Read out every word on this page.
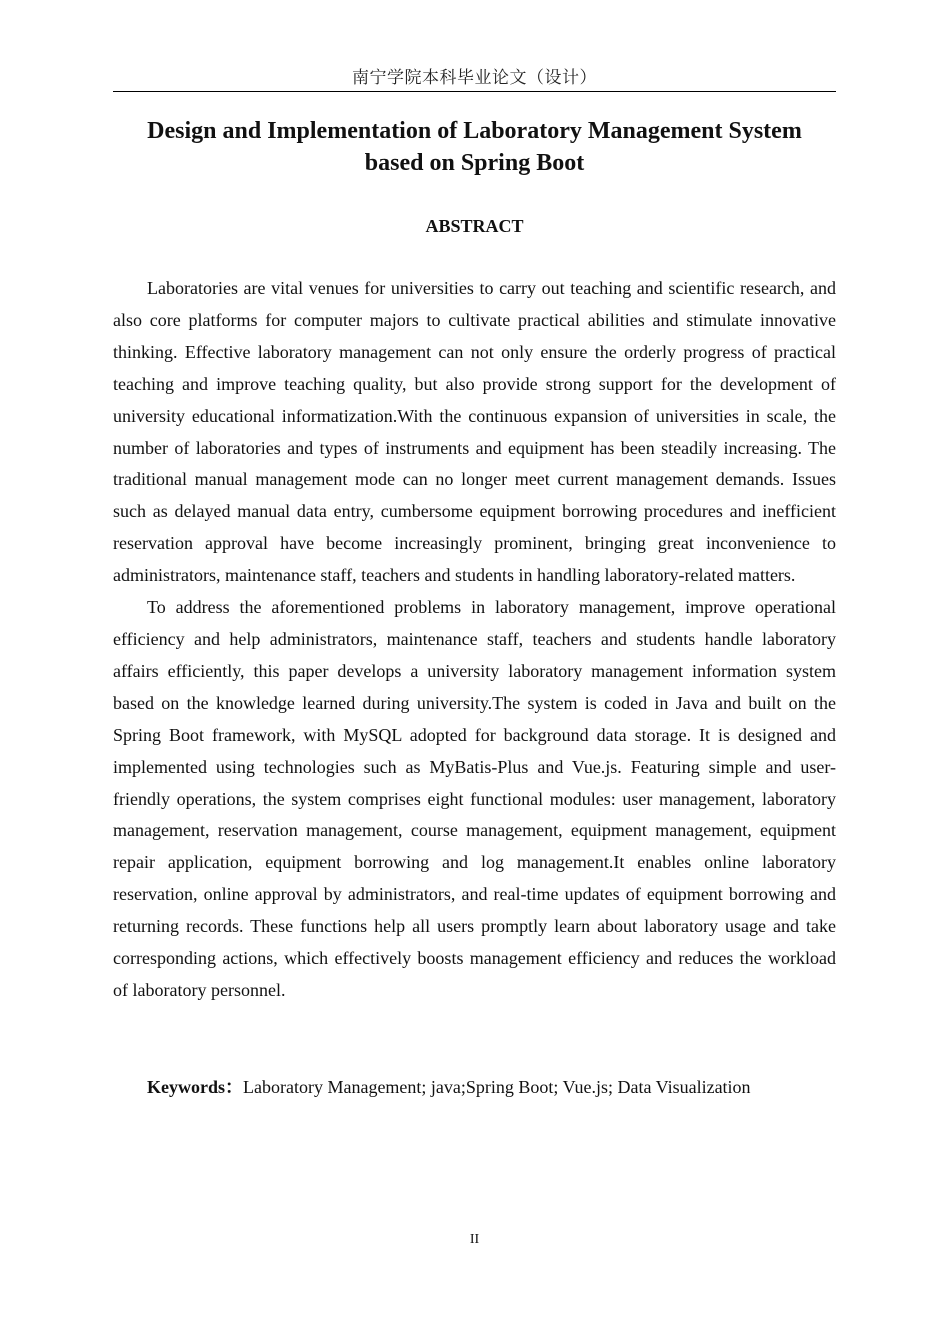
南宁学院本科毕业论文（设计）
Design and Implementation of Laboratory Management System
based on Spring Boot
ABSTRACT

Laboratories are vital venues for universities to carry out teaching and scientific research, and also core platforms for computer majors to cultivate practical abilities and stimulate innovative thinking. Effective laboratory management can not only ensure the orderly progress of practical teaching and improve teaching quality, but also provide strong support for the development of university educational informatization.With the continuous expansion of universities in scale, the number of laboratories and types of instruments and equipment has been steadily increasing. The traditional manual management mode can no longer meet current management demands. Issues such as delayed manual data entry, cumbersome equipment borrowing procedures and inefficient reservation approval have become increasingly prominent, bringing great inconvenience to administrators, maintenance staff, teachers and students in handling laboratory-related matters.

To address the aforementioned problems in laboratory management, improve operational efficiency and help administrators, maintenance staff, teachers and students handle laboratory affairs efficiently, this paper develops a university laboratory management information system based on the knowledge learned during university.The system is coded in Java and built on the Spring Boot framework, with MySQL adopted for background data storage. It is designed and implemented using technologies such as MyBatis-Plus and Vue.js. Featuring simple and user-friendly operations, the system comprises eight functional modules: user management, laboratory management, reservation management, course management, equipment management, equipment repair application, equipment borrowing and log management.It enables online laboratory reservation, online approval by administrators, and real-time updates of equipment borrowing and returning records. These functions help all users promptly learn about laboratory usage and take corresponding actions, which effectively boosts management efficiency and reduces the workload of laboratory personnel.

Keywords：Laboratory Management; java;Spring Boot; Vue.js; Data Visualization
II
